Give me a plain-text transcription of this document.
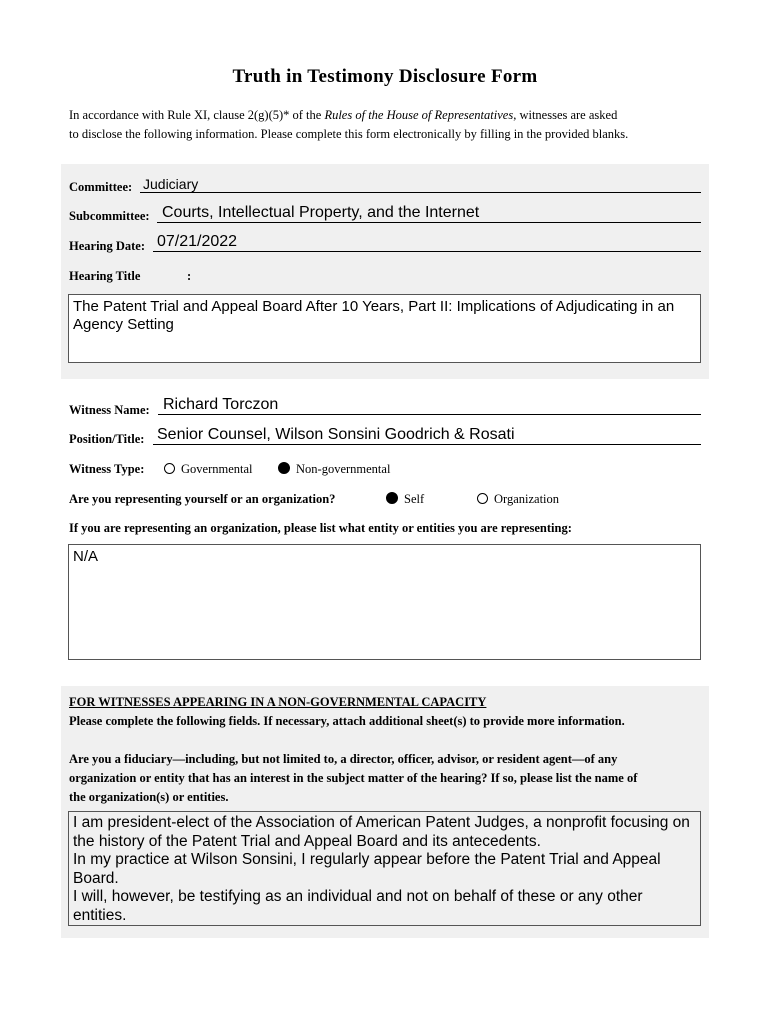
Truth in Testimony Disclosure Form

In accordance with Rule XI, clause 2(g)(5)* of the Rules of the House of Representatives, witnesses are asked

to disclose the following information. Please complete this form electronically by filling in the provided blanks.

Committee: Judiciary
Subcommittee: Courts, Intellectual Property, and the Internet
Hearing Date: 07/21/2022
Hearing Title	:
The Patent Trial and Appeal Board After 10 Years, Part II: Implications of Adjudicating in an Agency Setting
Witness Name: Richard Torczon
Position/Title: Senior Counsel, Wilson Sonsini Goodrich & Rosati
Witness Type:	Governmental	Non-governmental
Are you representing yourself or an organization?	Self	Organization
If you are representing an organization, please list what entity or entities you are representing:
N/A
FOR WITNESSES APPEARING IN A NON-GOVERNMENTAL CAPACITY
Please complete the following fields. If necessary, attach additional sheet(s) to provide more information.
Are you a fiduciary—including, but not limited to, a director, officer, advisor, or resident agent—of any
organization or entity that has an interest in the subject matter of the hearing? If so, please list the name of
the organization(s) or entities.
I am president-elect of the Association of American Patent Judges, a nonprofit focusing on
the history of the Patent Trial and Appeal Board and its antecedents.
In my practice at Wilson Sonsini, I regularly appear before the Patent Trial and Appeal Board.
I will, however, be testifying as an individual and not on behalf of these or any other entities.
